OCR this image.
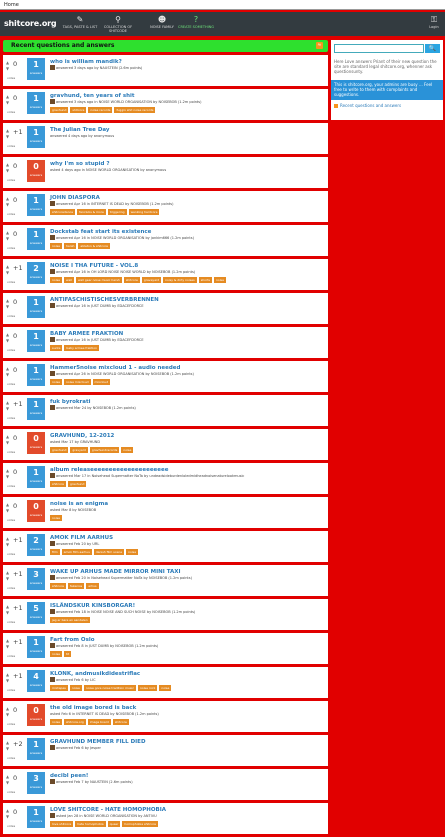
Home
shitcore.org	✎
TAGS, PASTE & LIST
⚲
COLLECTION OF SHITCODE
☻
NOISE FAMILY
?
CREATE SOMETHING
⚿
Login
Recent questions and answers	≈
▲
▼
0
votes
1
answers
who is william mandik?
answered 3 days ago by NAUSTEIN (2.6m points)
▲
▼
0
votes
1
answers
gravhund, ten years of shit
answered 3 days ago in NOISE WORLD ORGANISATION by NOISEBOB (1.2m points)
gravhund shitcore noise records fuggin shit noise records
▲
▼
+1
votes
1
answers
The Julian Tree Day
answered 4 days ago by anonymous
▲
▼
0
votes
0
answers
why I'm so stupid ?
asked 4 days ago in NOISE WORLD ORGANISATION by anonymous
▲
▼
0
votes
1
answers
JOHN DIASPORA
answered Apr 16 in INTERNET IS DEAD by NOISEBOB (1.2m points)
shitcoredance fanclubs & more triggering wanking hardcore
▲
▼
0
votes
1
answers
Dockstab feat start its existence
answered Apr 16 in NOISE WORLD ORGANISATION by jonkim666 (1.2m points)
noise harsh ableton & shitcore
▲
▼
+1
votes
2
answers
NOISE I THA FUTURE - VOL.8
answered Apr 16 in OH LORD NOISE NOISE WORLD by NOISEBOB (1.2m points)
noise wall wall gear noise music harsh shitcore graveyard noisy & dirty noises shorts noise
▲
▼
0
votes
1
answers
ANTIFASCHISTISCHESVERBRENNEN
answered Apr 16 in JUST DUMB by EDACEFDORCE
▲
▼
0
votes
1
answers
BABY ARMEE FRAKTION
answered Apr 16 in JUST DUMB by EDACEFDORCE
sucks baby armee fraktion
▲
▼
0
votes
1
answers
Hammer5noise mixcloud 1 - audio needed
answered Apr 26 in NOISE WORLD ORGANISATION by NOISEBOB (1.2m points)
noise noise mixcloud mixcloud
▲
▼
+1
votes
1
answers
fuk byrokrati
answered Mar 24 by NOISEBOB (1.2m points)
▲
▼
0
votes
0
answers
GRAVHUND, 12-2012
asked Mar 17 by GRAVHUND
gravhund gravyard gravhundrecords noise
▲
▼
0
votes
1
answers
album releaseeeeeeeeeeeeeeeeeeeee
answered Mar 17 in Noisehead Supermatter NoTa by undeadsideburdenloledmidheadnoisenaturelookmusic
shitcore gravhund
▲
▼
0
votes
0
answers
noise is an enigma
asked Mar 8 by NOISEBOB
noise
▲
▼
+1
votes
2
answers
AMOK FILM AARHUS
answered Feb 20 by URL
film amok film aarhus danish film scene noise
▲
▼
+1
votes
3
answers
WAKE UP ARHUS MADE MIRROR MINI TAXI
answered Feb 20 in Noisehead Supermatter NoTa by NOISEBOB (1.2m points)
shitcore fakeniss arhus
▲
▼
+1
votes
5
answers
ISLÄNDSKUR KINSBORGAR!
answered Feb 18 in NOISE NOISE AND SUCH NOISE by NOISEBOB (1.2m points)
jeg er bare en sandalen
▲
▼
+1
votes
1
answers
Fart from Oslo
answered Feb 8 in JUST DUMB by NOISEBOB (1.2m points)
noise tit
▲
▼
+1
votes
4
answers
KLONK, andmusikdidestriflac
answered Feb 6 by LIC
mixtapes noise noise gore noise tradition music noise rock noise
▲
▼
0
votes
0
answers
the old image bored is back
asked Feb 6 in INTERNET IS DEAD by NOISEBOB (1.2m points)
noise shitcore.org image board shitcore
▲
▼
+2
votes
1
answers
GRAVHUND MEMBER FILL DIED
answered Feb 6 by Jesper
▲
▼
0
votes
3
answers
decibl peen!
answered Feb 7 by NAUSTEIN (2.6m points)
▲
▼
0
votes
1
answers
LOVE SHITCORE - HATE HOMOPHOBIA
asked Jan 28 in NOISE WORLD ORGANISATION by ANTIVU
love shitcore hate homophobia queer homophobia shitcore
🔍
Here Love answers Priant of their new question the site are standard legal shitcore.org, whenner ask questionsunty.
This is shitcore.org, your admins are busy ... Feel free to write to them with complaints and suggestions.
Recent questions and answers
